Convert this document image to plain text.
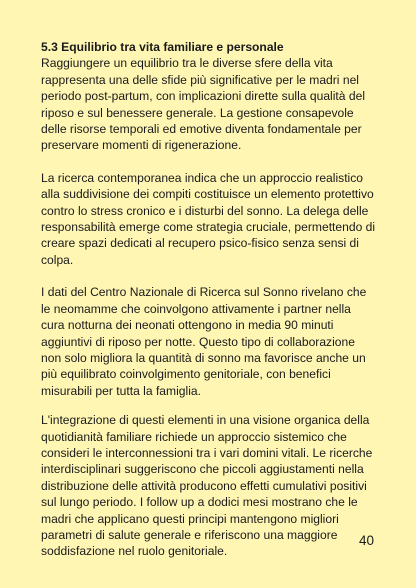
5.3 Equilibrio tra vita familiare e personale

Raggiungere un equilibrio tra le diverse sfere della vita rappresenta una delle sfide più significative per le madri nel periodo post-partum, con implicazioni dirette sulla qualità del riposo e sul benessere generale. La gestione consapevole delle risorse temporali ed emotive diventa fondamentale per preservare momenti di rigenerazione.

La ricerca contemporanea indica che un approccio realistico alla suddivisione dei compiti costituisce un elemento protettivo contro lo stress cronico e i disturbi del sonno. La delega delle responsabilità emerge come strategia cruciale, permettendo di creare spazi dedicati al recupero psico-fisico senza sensi di colpa.

I dati del Centro Nazionale di Ricerca sul Sonno rivelano che le neomamme che coinvolgono attivamente i partner nella cura notturna dei neonati ottengono in media 90 minuti aggiuntivi di riposo per notte. Questo tipo di collaborazione non solo migliora la quantità di sonno ma favorisce anche un più equilibrato coinvolgimento genitoriale, con benefici misurabili per tutta la famiglia.

L'integrazione di questi elementi in una visione organica della quotidianità familiare richiede un approccio sistemico che consideri le interconnessioni tra i vari domini vitali. Le ricerche interdisciplinari suggeriscono che piccoli aggiustamenti nella distribuzione delle attività producono effetti cumulativi positivi sul lungo periodo. I follow up a dodici mesi mostrano che le madri che applicano questi principi mantengono migliori parametri di salute generale e riferiscono una maggiore soddisfazione nel ruolo genitoriale.

40
